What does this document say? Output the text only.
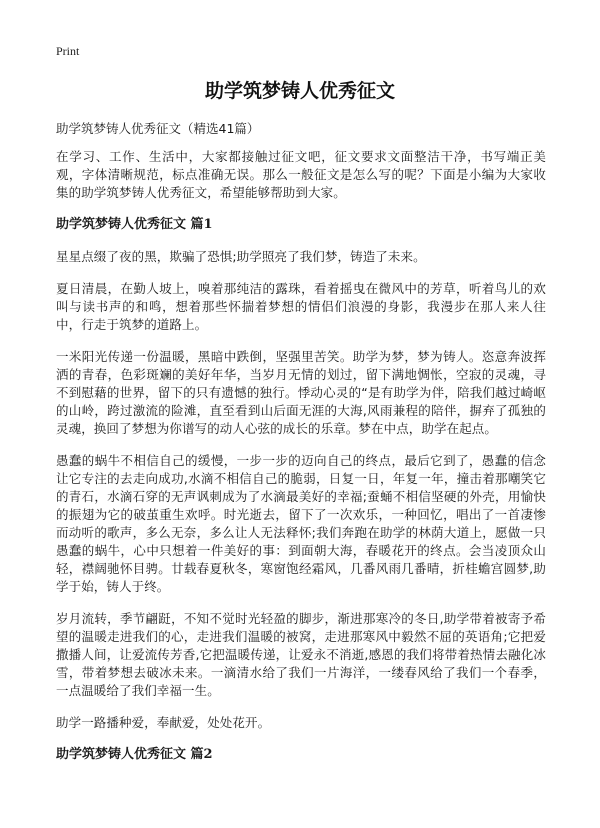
Print
助学筑梦铸人优秀征文
助学筑梦铸人优秀征文（精选41篇）

在学习、工作、生活中，大家都接触过征文吧，征文要求文面整洁干净，书写端正美观，字体清晰规范，标点准确无误。那么一般征文是怎么写的呢？下面是小编为大家收集的助学筑梦铸人优秀征文，希望能够帮助到大家。

助学筑梦铸人优秀征文 篇1

星星点缀了夜的黑，欺骗了恐惧;助学照亮了我们梦，铸造了未来。

夏日清晨，在勤人坡上，嗅着那纯洁的露珠，看着摇曳在微风中的芳草，听着鸟儿的欢叫与读书声的和鸣，想着那些怀揣着梦想的情侣们浪漫的身影，我漫步在那人来人往中，行走于筑梦的道路上。

一米阳光传递一份温暖，黑暗中跌倒，坚强里苦笑。助学为梦，梦为铸人。恣意奔波挥洒的青春，色彩斑斓的美好年华，当岁月无情的划过，留下满地惆怅，空寂的灵魂，寻不到慰藉的世界，留下的只有遗憾的独行。悸动心灵的“是有助学为伴，陪我们越过崎岖的山岭，跨过激流的险滩，直至看到山后面无涯的大海,风雨兼程的陪伴，摒弃了孤独的灵魂，换回了梦想为你谱写的动人心弦的成长的乐章。梦在中点，助学在起点。

愚蠢的蜗牛不相信自己的缓慢，一步一步的迈向自己的终点，最后它到了，愚蠢的信念让它专注的去走向成功,水滴不相信自己的脆弱，日复一日，年复一年，撞击着那嘲笑它的青石，水滴石穿的无声讽刺成为了水滴最美好的幸福;蚕蛹不相信坚硬的外壳，用愉快的振翅为它的破茧重生欢呼。时光逝去，留下了一次欢乐，一种回忆，唱出了一首凄惨而动听的歌声，多么无奈，多么让人无法释怀;我们奔跑在助学的林荫大道上，愿做一只愚蠢的蜗牛，心中只想着一件美好的事：到面朝大海，春暖花开的终点。会当凌顶众山轻，襟阔驰怀目骋。廿载春夏秋冬，寒窗饱经霜风，几番风雨几番晴，折桂蟾宫圆梦,助学于始，铸人于终。

岁月流转，季节翩跹，不知不觉时光轻盈的脚步，渐进那寒冷的冬日,助学带着被寄予希望的温暖走进我们的心，走进我们温暖的被窝，走进那寒风中毅然不屈的英语角;它把爱撒播人间，让爱流传芳香,它把温暖传递，让爱永不消逝,感恩的我们将带着热情去融化冰雪，带着梦想去破冰未来。一滴清水给了我们一片海洋，一缕春风给了我们一个春季，一点温暖给了我们幸福一生。

助学一路播种爱，奉献爱，处处花开。

助学筑梦铸人优秀征文 篇2
